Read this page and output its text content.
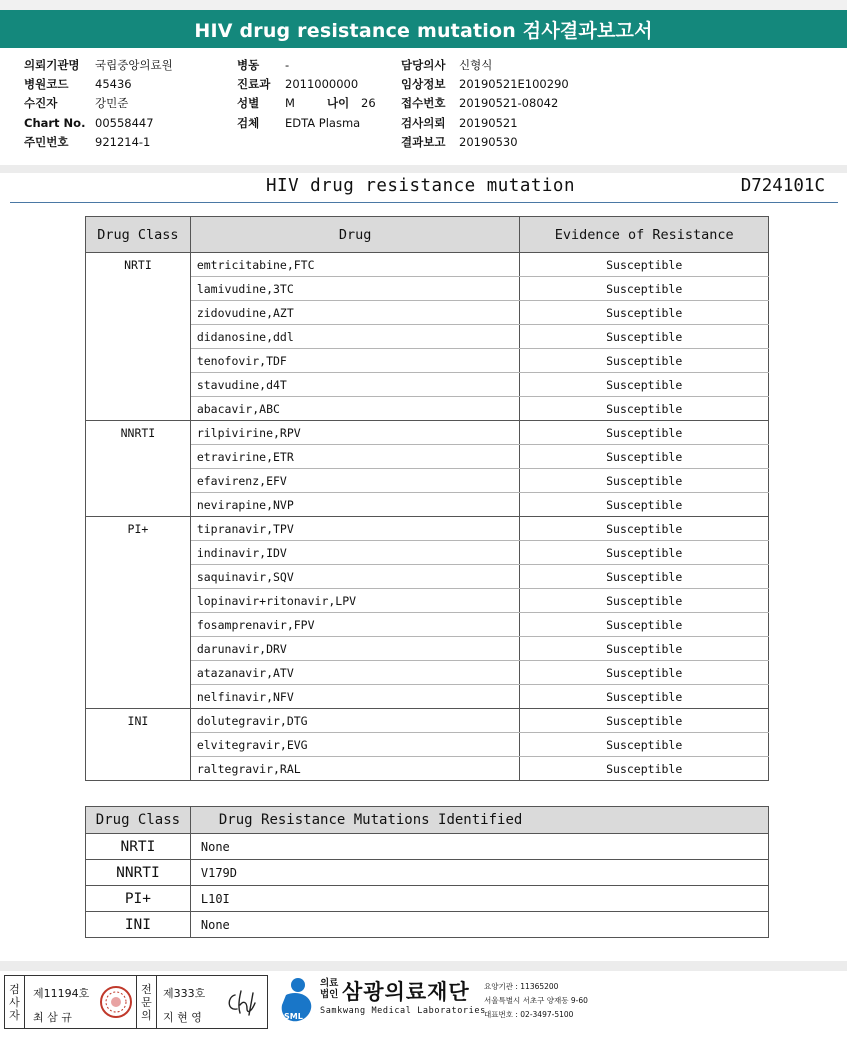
HIV drug resistance mutation 검사결과보고서
의뢰기관명	국립중앙의료원
병원코드	45436
수진자	강민준
Chart No. 00558447
주민번호	921214-1
병동	-
진료과	2011000000
성별	M	나이	26
검체	EDTA Plasma
담당의사	신형식
임상정보	20190521E100290
접수번호	20190521-08042
검사의뢰	20190521
결과보고	20190530
HIV drug resistance mutation	D724101C
Drug Class	Drug	Evidence of Resistance
NRTI	emtricitabine,FTC	Susceptible
	lamivudine,3TC	Susceptible
	zidovudine,AZT	Susceptible
	didanosine,ddl	Susceptible
	tenofovir,TDF	Susceptible
	stavudine,d4T	Susceptible
	abacavir,ABC	Susceptible
NNRTI	rilpivirine,RPV	Susceptible
	etravirine,ETR	Susceptible
	efavirenz,EFV	Susceptible
	nevirapine,NVP	Susceptible
PI+	tipranavir,TPV	Susceptible
	indinavir,IDV	Susceptible
	saquinavir,SQV	Susceptible
	lopinavir+ritonavir,LPV	Susceptible
	fosamprenavir,FPV	Susceptible
	darunavir,DRV	Susceptible
	atazanavir,ATV	Susceptible
	nelfinavir,NFV	Susceptible
INI	dolutegravir,DTG	Susceptible
	elvitegravir,EVG	Susceptible
	raltegravir,RAL	Susceptible
Drug Class	Drug Resistance Mutations Identified
NRTI	None
NNRTI	V179D
PI+	L10I
INI	None
검
사
자
제11194호
최 삼 규
전
문
의
제333호
지 현 영	SML
의료법인 삼광의료재단
Samkwang Medical Laboratories
요양기관 : 11365200
서울특별시 서초구 양재동 9-60
대표번호 : 02-3497-5100
